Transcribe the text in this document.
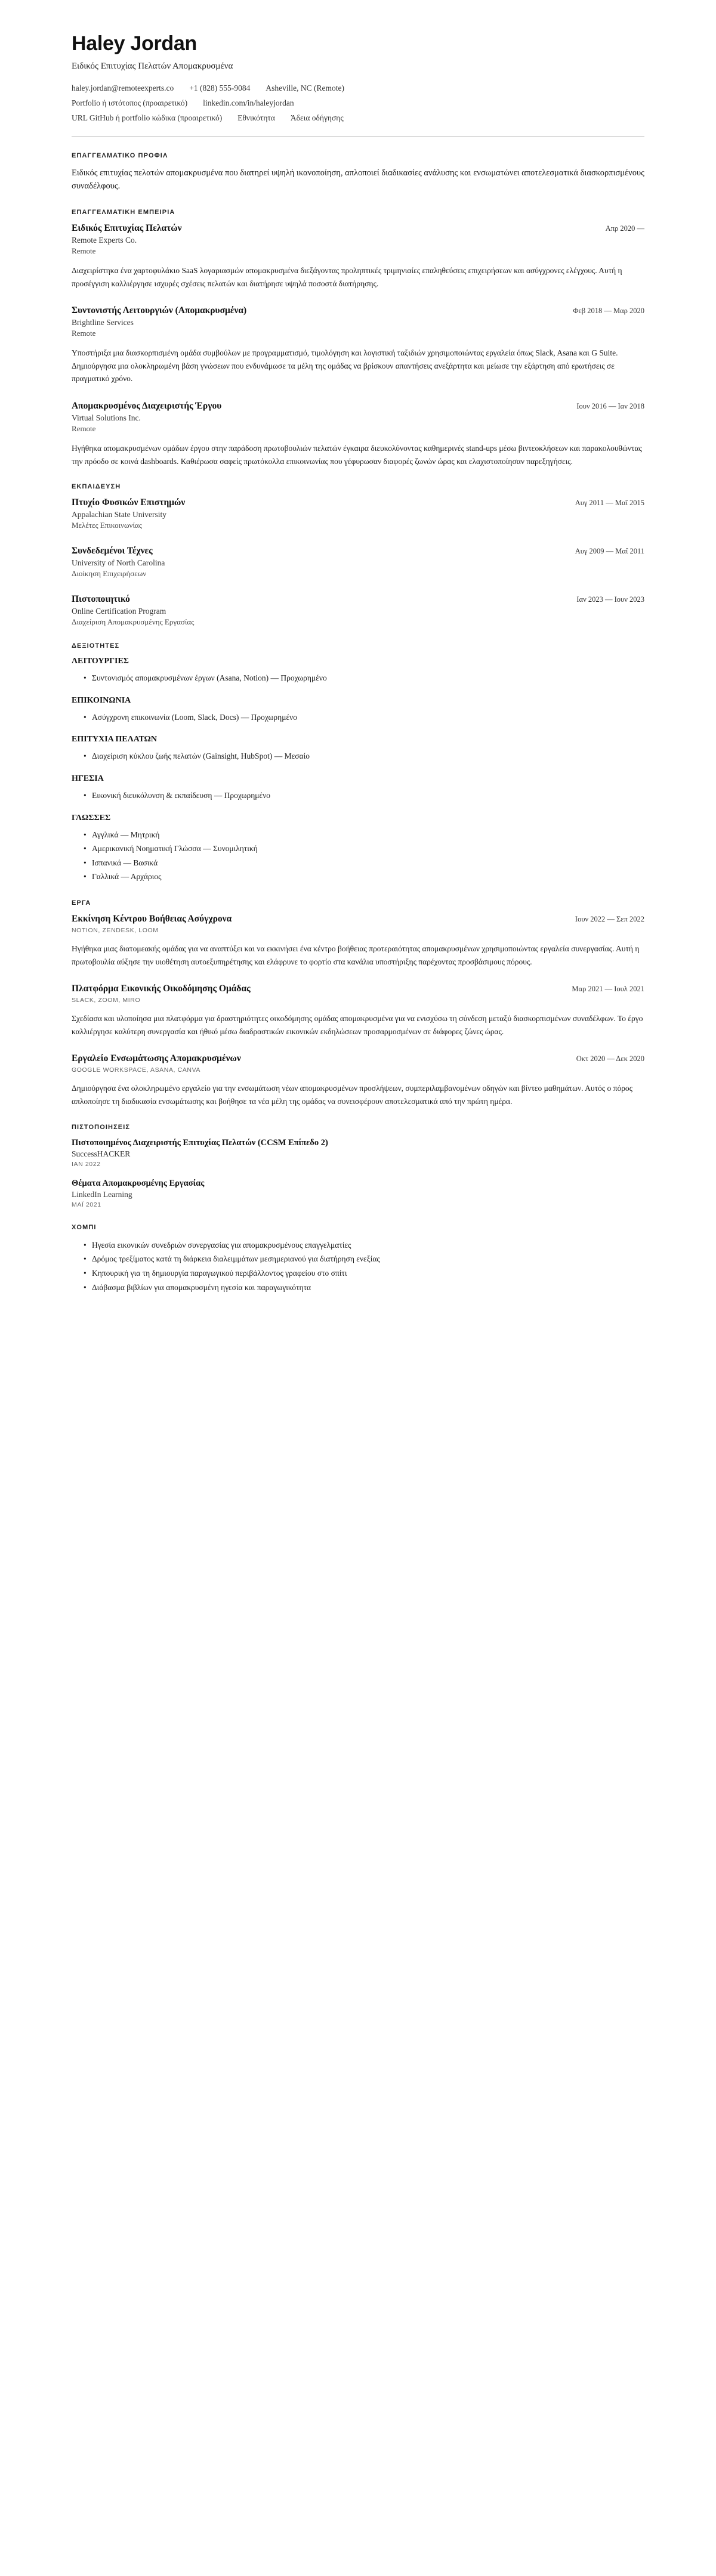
Haley Jordan
Ειδικός Επιτυχίας Πελατών Απομακρυσμένα
haley.jordan@remoteexperts.co +1 (828) 555-9084 Asheville, NC (Remote)
Portfolio ή ιστότοπος (προαιρετικό) linkedin.com/in/haleyjordan
URL GitHub ή portfolio κώδικα (προαιρετικό) Εθνικότητα Άδεια οδήγησης
ΕΠΑΓΓΕΛΜΑΤΙΚΟ ΠΡΟΦΙΛ

Ειδικός επιτυχίας πελατών απομακρυσμένα που διατηρεί υψηλή ικανοποίηση, απλοποιεί διαδικασίες ανάλυσης και ενσωματώνει αποτελεσματικά διασκορπισμένους συναδέλφους.

ΕΠΑΓΓΕΛΜΑΤΙΚΗ ΕΜΠΕΙΡΙΑ
Ειδικός Επιτυχίας Πελατών	Απρ 2020 —
Remote Experts Co.
Remote
Διαχειρίστηκα ένα χαρτοφυλάκιο SaaS λογαριασμών απομακρυσμένα διεξάγοντας προληπτικές τριμηνιαίες επαληθεύσεις επιχειρήσεων και ασύγχρονες ελέγχους. Αυτή η προσέγγιση καλλιέργησε ισχυρές σχέσεις πελατών και διατήρησε υψηλά ποσοστά διατήρησης.
Συντονιστής Λειτουργιών (Απομακρυσμένα)	Φεβ 2018 — Μαρ 2020
Brightline Services
Remote
Υποστήριξα μια διασκορπισμένη ομάδα συμβούλων με προγραμματισμό, τιμολόγηση και λογιστική ταξιδιών χρησιμοποιώντας εργαλεία όπως Slack, Asana και G Suite. Δημιούργησα μια ολοκληρωμένη βάση γνώσεων που ενδυνάμωσε τα μέλη της ομάδας να βρίσκουν απαντήσεις ανεξάρτητα και μείωσε την εξάρτηση από ερωτήσεις σε πραγματικό χρόνο.
Απομακρυσμένος Διαχειριστής Έργου	Ιουν 2016 — Ιαν 2018
Virtual Solutions Inc.
Remote
Ηγήθηκα απομακρυσμένων ομάδων έργου στην παράδοση πρωτοβουλιών πελατών έγκαιρα διευκολύνοντας καθημερινές stand-ups μέσω βιντεοκλήσεων και παρακολουθώντας την πρόοδο σε κοινά dashboards. Καθιέρωσα σαφείς πρωτόκολλα επικοινωνίας που γέφυρωσαν διαφορές ζωνών ώρας και ελαχιστοποίησαν παρεξηγήσεις.
ΕΚΠΑΙΔΕΥΣΗ
Πτυχίο Φυσικών Επιστημών	Αυγ 2011 — Μαΐ 2015
Appalachian State University
Μελέτες Επικοινωνίας
Συνδεδεμένοι Τέχνες	Αυγ 2009 — Μαΐ 2011
University of North Carolina
Διοίκηση Επιχειρήσεων
Πιστοποιητικό	Ιαν 2023 — Ιουν 2023
Online Certification Program
Διαχείριση Απομακρυσμένης Εργασίας
ΔΕΞΙΟΤΗΤΕΣ
ΛΕΙΤΟΥΡΓΙΕΣ
• Συντονισμός απομακρυσμένων έργων (Asana, Notion) — Προχωρημένο
ΕΠΙΚΟΙΝΩΝΙΑ
• Ασύγχρονη επικοινωνία (Loom, Slack, Docs) — Προχωρημένο
ΕΠΙΤΥΧΙΑ ΠΕΛΑΤΩΝ
• Διαχείριση κύκλου ζωής πελατών (Gainsight, HubSpot) — Μεσαίο
ΗΓΕΣΙΑ
• Εικονική διευκόλυνση & εκπαίδευση — Προχωρημένο
ΓΛΩΣΣΕΣ
• Αγγλικά — Μητρική
• Αμερικανική Νοηματική Γλώσσα — Συνομιλητική
• Ισπανικά — Βασικά
• Γαλλικά — Αρχάριος
ΕΡΓΑ
Εκκίνηση Κέντρου Βοήθειας Ασύγχρονα	Ιουν 2022 — Σεπ 2022
NOTION, ZENDESK, LOOM
Ηγήθηκα μιας διατομεακής ομάδας για να αναπτύξει και να εκκινήσει ένα κέντρο βοήθειας προτεραιότητας απομακρυσμένων χρησιμοποιώντας εργαλεία συνεργασίας. Αυτή η πρωτοβουλία αύξησε την υιοθέτηση αυτοεξυπηρέτησης και ελάφρυνε το φορτίο στα κανάλια υποστήριξης παρέχοντας προσβάσιμους πόρους.
Πλατφόρμα Εικονικής Οικοδόμησης Ομάδας	Μαρ 2021 — Ιουλ 2021
SLACK, ZOOM, MIRO
Σχεδίασα και υλοποίησα μια πλατφόρμα για δραστηριότητες οικοδόμησης ομάδας απομακρυσμένα για να ενισχύσω τη σύνδεση μεταξύ διασκορπισμένων συναδέλφων. Το έργο καλλιέργησε καλύτερη συνεργασία και ήθικό μέσω διαδραστικών εικονικών εκδηλώσεων προσαρμοσμένων σε διάφορες ζώνες ώρας.
Εργαλείο Ενσωμάτωσης Απομακρυσμένων	Οκτ 2020 — Δεκ 2020
GOOGLE WORKSPACE, ASANA, CANVA
Δημιούργησα ένα ολοκληρωμένο εργαλείο για την ενσωμάτωση νέων απομακρυσμένων προσλήψεων, συμπεριλαμβανομένων οδηγών και βίντεο μαθημάτων. Αυτός ο πόρος απλοποίησε τη διαδικασία ενσωμάτωσης και βοήθησε τα νέα μέλη της ομάδας να συνεισφέρουν αποτελεσματικά από την πρώτη ημέρα.
ΠΙΣΤΟΠΟΙΗΣΕΙΣ
Πιστοποιημένος Διαχειριστής Επιτυχίας Πελατών (CCSM Επίπεδο 2)
SuccessHACKER
ΙΑΝ 2022
Θέματα Απομακρυσμένης Εργασίας
LinkedIn Learning
ΜΑΪ 2021
ΧΟΜΠΙ
• Ηγεσία εικονικών συνεδριών συνεργασίας για απομακρυσμένους επαγγελματίες
• Δρόμος τρεξίματος κατά τη διάρκεια διαλειμμάτων μεσημεριανού για διατήρηση ενεξίας
• Κηπουρική για τη δημιουργία παραγωγικού περιβάλλοντος γραφείου στο σπίτι
• Διάβασμα βιβλίων για απομακρυσμένη ηγεσία και παραγωγικότητα
